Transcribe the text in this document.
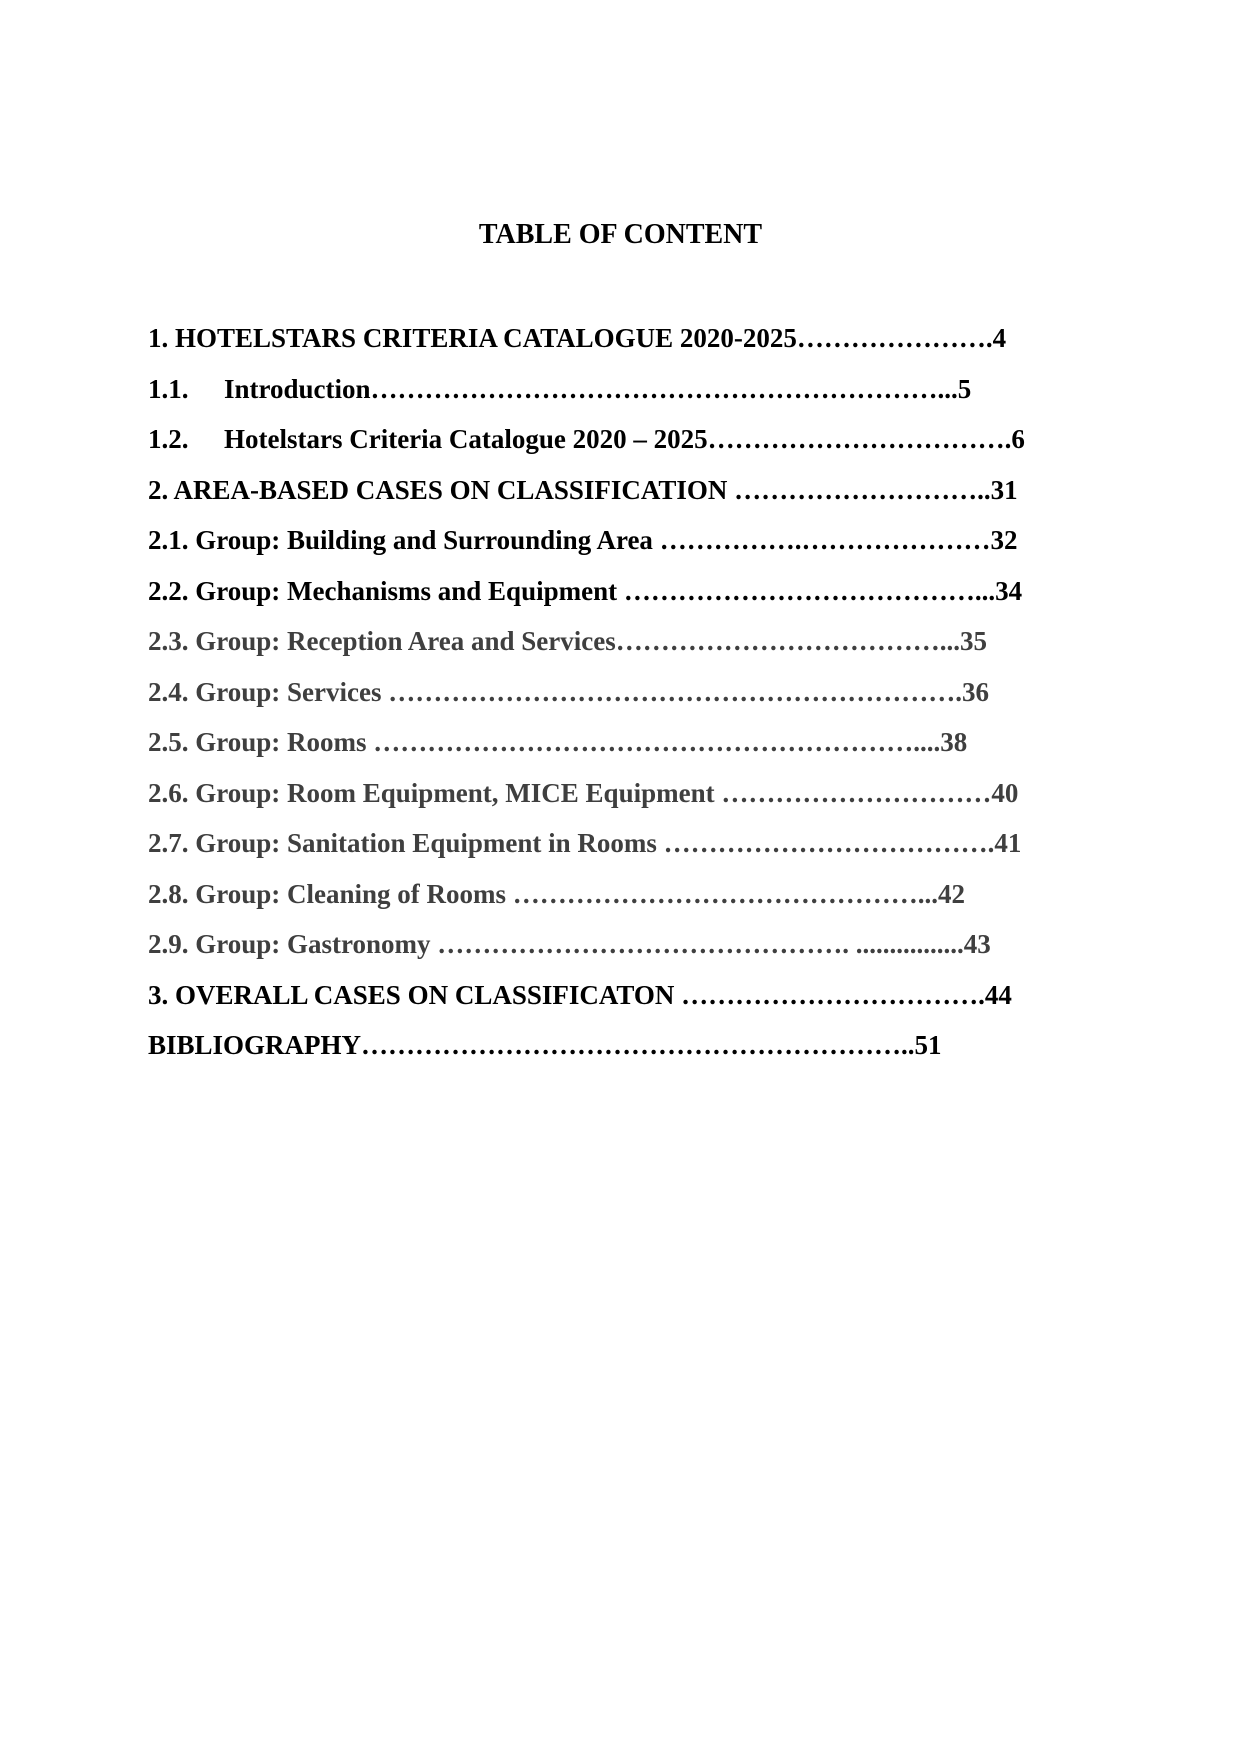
TABLE OF CONTENT
1. HOTELSTARS CRITERIA CATALOGUE 2020-2025………………….4
1.1. Introduction………………………………………………………...5
1.2. Hotelstars Criteria Catalogue 2020 – 2025…………………………….6
2. AREA-BASED CASES ON CLASSIFICATION ………………………..31
2.1. Group: Building and Surrounding Area …………….…………………32
2.2. Group: Mechanisms and Equipment …………………………………...34
2.3. Group: Reception Area and Services………………………………...35
2.4. Group: Services ……………………………………………………….36
2.5. Group: Rooms ……………………………………………………....38
2.6. Group: Room Equipment, MICE Equipment …………………………40
2.7. Group: Sanitation Equipment in Rooms ……………………………….41
2.8. Group: Cleaning of Rooms ………………………………………...42
2.9. Group: Gastronomy ………………………………………. ................43
3. OVERALL CASES ON CLASSIFICATON …………………………….44
BIBLIOGRAPHY……………………………………………………..51
